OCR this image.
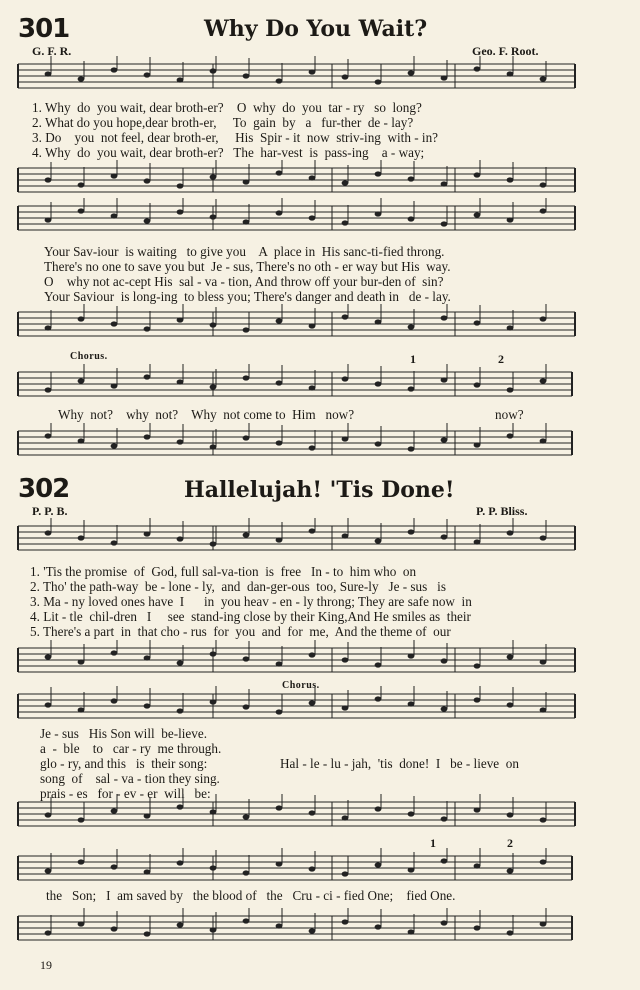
301	Why Do You Wait?
G. F. R.	Geo. F. Root.
1. Why  do  you wait, dear broth-er?    O  why  do  you  tar - ry   so  long?
2. What do you hope,dear broth-er,     To  gain  by   a   fur-ther  de - lay?
3. Do    you  not feel, dear broth-er,     His  Spir - it  now  striv-ing  with - in?
4. Why  do  you wait, dear broth-er?   The  har-vest  is  pass-ing    a - way;
Your Sav-iour  is waiting   to give you    A  place in  His sanc-ti-fied throng.
There's no one to save you but  Je - sus, There's no oth - er way but His  way.
O    why not ac-cept His  sal - va - tion, And throw off your bur-den of  sin?
Your Saviour  is long-ing  to bless you; There's danger and death in   de - lay.
Chorus.	1	2
Why  not?    why  not?    Why  not come to  Him   now?	now?
302	Hallelujah! 'Tis Done!
P. P. B.	P. P. Bliss.
1. 'Tis the promise  of  God, full sal-va-tion  is  free   In - to  him who  on
2. Tho' the path-way  be - lone - ly,  and  dan-ger-ous  too, Sure-ly   Je - sus   is
3. Ma - ny loved ones have  I      in  you heav - en - ly throng; They are safe now  in
4. Lit - tle  chil-dren   I     see  stand-ing close by their King,And He smiles as  their
5. There's a part  in  that cho - rus  for  you  and  for  me,  And the theme of  our
Chorus.
Je - sus   His Son will  be-lieve.
a  -  ble    to   car - ry  me through.
glo - ry, and this   is  their song:	Hal - le - lu - jah,  'tis  done!  I   be - lieve  on
song  of    sal - va - tion they sing.
prais - es   for - ev - er  will   be:
1	2
the   Son;   I  am saved by   the blood of   the   Cru - ci - fied One;    fied One.
19
